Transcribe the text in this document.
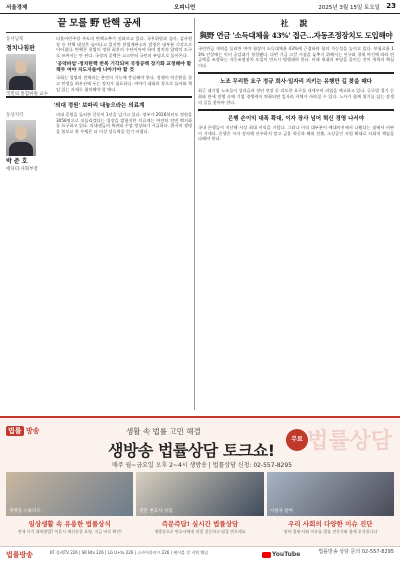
서울경제	오피니언	2025년 3월 15일 토요일 23
끝 모를 野 탄핵 공세
동서남북
정치나침판
국민의 통합위원 교수

더불어민주당 주도의 탄핵소추가 잇따르고 있다. 국무위원과 검사, 감사원장 등 탄핵 대상은 늘어나고 있지만 헌법재판소의 결정은 대부분 기각으로 이어졌다. 탄핵은 헌법이 정한 최후의 수단이어야 하며 정치적 압박의 도구로 쓰여서는 안 된다. 국정의 공백은 고스란히 국민의 부담으로 돌아온다.

'공약파업'·정치탄핵 반복 기각되며 국정공백 장기화 교정해야 할 책무 여야 지도자들에 나아가야 할 것

국회는 입법과 견제라는 본연의 기능에 충실해야 한다. 정쟁의 악순환을 끊고 민생을 최우선에 두는 정치가 필요하다. 여야가 대화의 장으로 돌아와 책임 있는 자세로 협치해야 할 때다.

'의대 정원' 보따리 내놓으라는 의료계
동상지각
박 준 호
에디터·사회부장

의대 증원을 둘러싼 갈등이 1년을 넘기고 있다. 정부가 2026학년도 정원을 3058명으로 되돌리겠다는 입장을 밝혔지만 의료계는 여전히 전면 백지화를 요구하고 있다. 의대생들의 복귀와 수업 정상화가 시급하다. 환자의 생명을 볼모로 한 투쟁은 더 이상 설득력을 얻기 어렵다.

社 說
與野 연금 '소득대체율 43%' 접근…자동조정장치도 도입해야

국민연금 개혁을 둘러싼 여야 협상이 소득대체율 43%에 근접하며 합의 가능성을 높이고 있다. 보험료율 13% 인상에는 이미 공감대가 형성됐다. 다만 기금 고갈 시점을 늦추기 위해서는 인구와 경제 여건에 따라 연금액을 조정하는 자동조정장치 도입이 반드시 병행돼야 한다. 미래 세대의 부담을 줄이는 것이 개혁의 핵심이다.

노조 무리한 요구 정규 회사·일자리 지키는 유행만 길 찾을 때다

최근 대기업 노조들이 성과급과 정년 연장 등 과도한 요구를 내세우며 파업을 예고하고 있다. 글로벌 경기 둔화와 관세 전쟁 속에 기업 경쟁력이 약화되면 일자리 자체가 사라질 수 있다. 노사가 함께 위기를 넘는 상생의 길을 찾아야 한다.

은행 손이익 대폭 확대, 이자 장사 넘어 혁신 경영 나서야

국내 은행들이 지난해 사상 최대 이익을 거뒀다. 그러나 이익 대부분이 예대마진에서 나왔다는 점에서 비판이 거세다. 은행은 이자 장사에 안주하지 말고 금융 혁신과 해외 진출, 소상공인 지원 확대로 사회적 책임을 다해야 한다.

법률 방송	생활 속 법률 고민 해결
생방송 법률상담 토크쇼!
무료 법률상담
매주 월~금요일 오후 2~4시 생방송 | 법률상담 신청: 02-557-8295
생방송 스튜디오	전문 변호사 상담	시청자 참여
일상생활 속 유용한 법률상식
전세 사기 대처방법? 이혼시 재산분할 요령, 지금 바로 확인!
즉문즉답! 실시간 법률상담
생방송으로 변호사에게 직접 질문하고 답을 받으세요
우리 사회의 다양한 이슈 진단
정치·경제·사회 이슈를 법률 전문가와 함께 분석합니다
법률방송	KT 올레TV 226 | SK Btv 226 | LG U+tv 226 | 스카이라이프 226 | 케이블 각 지역 채널	YouTube	법률방송 상담 문의 02-557-8295
